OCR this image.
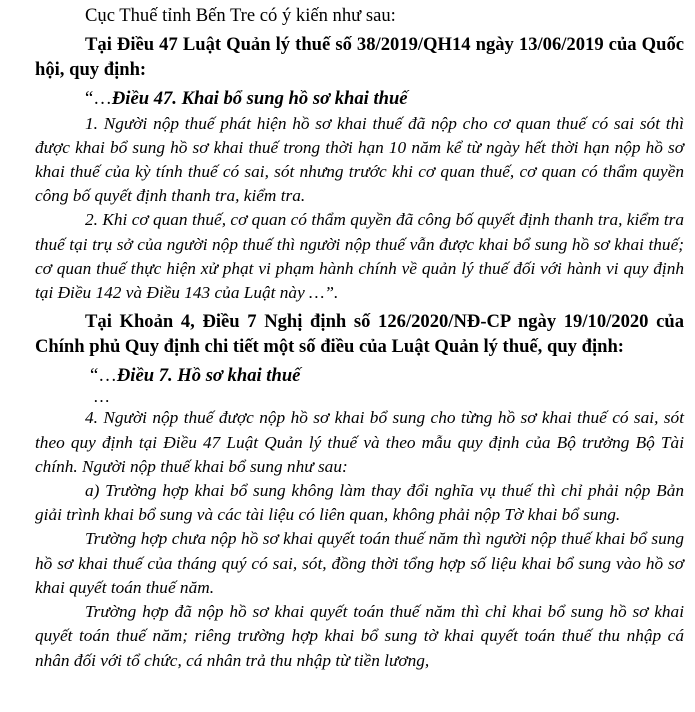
Cục Thuế tỉnh Bến Tre có ý kiến như sau:

Tại Điều 47 Luật Quản lý thuế số 38/2019/QH14 ngày 13/06/2019 của Quốc hội, quy định:

“…Điều 47. Khai bổ sung hồ sơ khai thuế

1. Người nộp thuế phát hiện hồ sơ khai thuế đã nộp cho cơ quan thuế có sai sót thì được khai bổ sung hồ sơ khai thuế trong thời hạn 10 năm kể từ ngày hết thời hạn nộp hồ sơ khai thuế của kỳ tính thuế có sai, sót nhưng trước khi cơ quan thuế, cơ quan có thẩm quyền công bố quyết định thanh tra, kiểm tra.

2. Khi cơ quan thuế, cơ quan có thẩm quyền đã công bố quyết định thanh tra, kiểm tra thuế tại trụ sở của người nộp thuế thì người nộp thuế vẫn được khai bổ sung hồ sơ khai thuế; cơ quan thuế thực hiện xử phạt vi phạm hành chính về quản lý thuế đối với hành vi quy định tại Điều 142 và Điều 143 của Luật này …”.

Tại Khoản 4, Điều 7 Nghị định số 126/2020/NĐ-CP ngày 19/10/2020 của Chính phủ Quy định chi tiết một số điều của Luật Quản lý thuế, quy định:

“…Điều 7. Hồ sơ khai thuế

…

4. Người nộp thuế được nộp hồ sơ khai bổ sung cho từng hồ sơ khai thuế có sai, sót theo quy định tại Điều 47 Luật Quản lý thuế và theo mẫu quy định của Bộ trưởng Bộ Tài chính. Người nộp thuế khai bổ sung như sau:

a) Trường hợp khai bổ sung không làm thay đổi nghĩa vụ thuế thì chỉ phải nộp Bản giải trình khai bổ sung và các tài liệu có liên quan, không phải nộp Tờ khai bổ sung.

Trường hợp chưa nộp hồ sơ khai quyết toán thuế năm thì người nộp thuế khai bổ sung hồ sơ khai thuế của tháng quý có sai, sót, đồng thời tổng hợp số liệu khai bổ sung vào hồ sơ khai quyết toán thuế năm.

Trường hợp đã nộp hồ sơ khai quyết toán thuế năm thì chỉ khai bổ sung hồ sơ khai quyết toán thuế năm; riêng trường hợp khai bổ sung tờ khai quyết toán thuế thu nhập cá nhân đối với tổ chức, cá nhân trả thu nhập từ tiền lương,
